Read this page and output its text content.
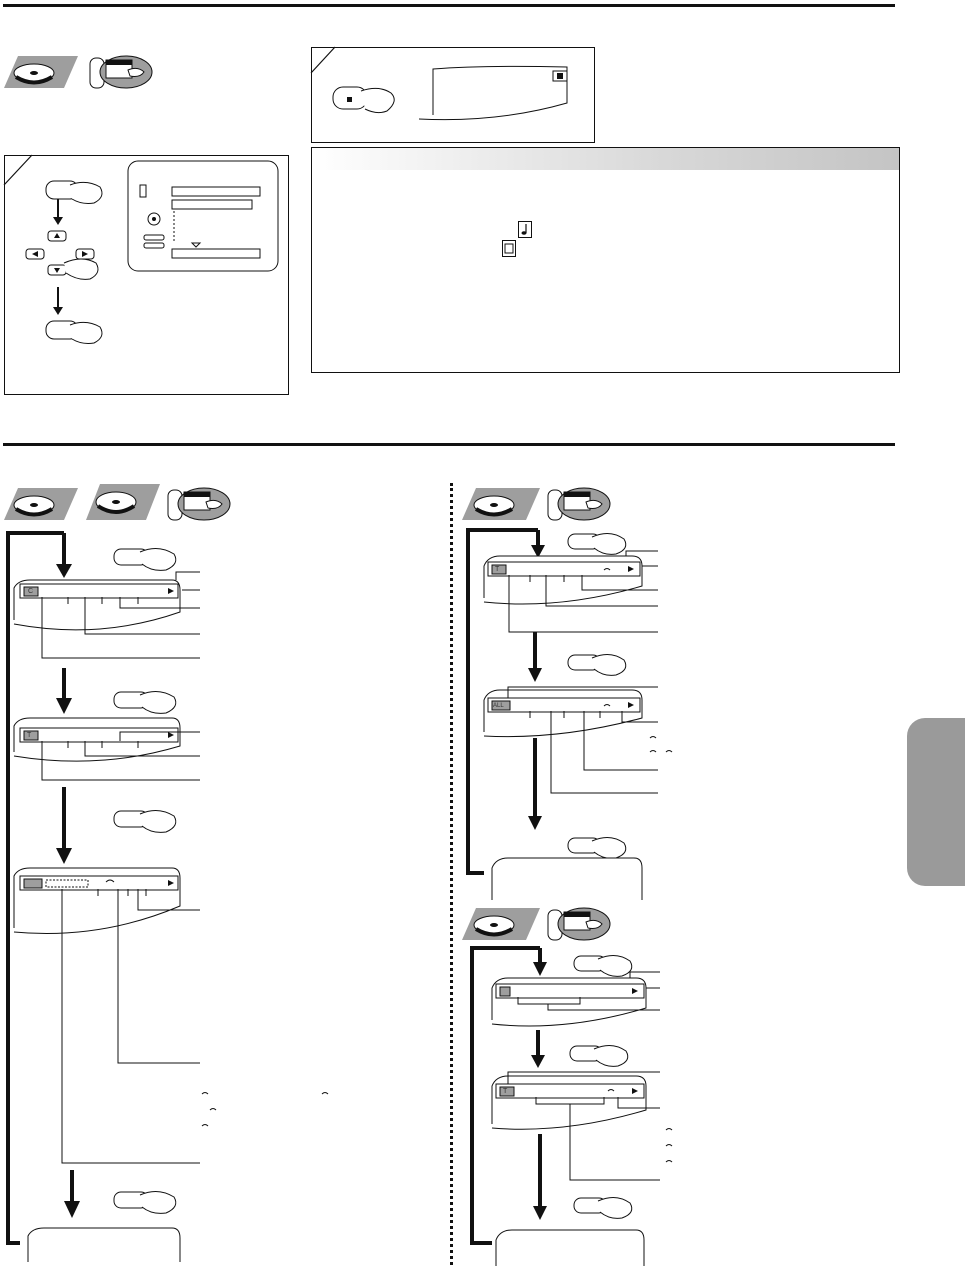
T
C
T
ALL
T
